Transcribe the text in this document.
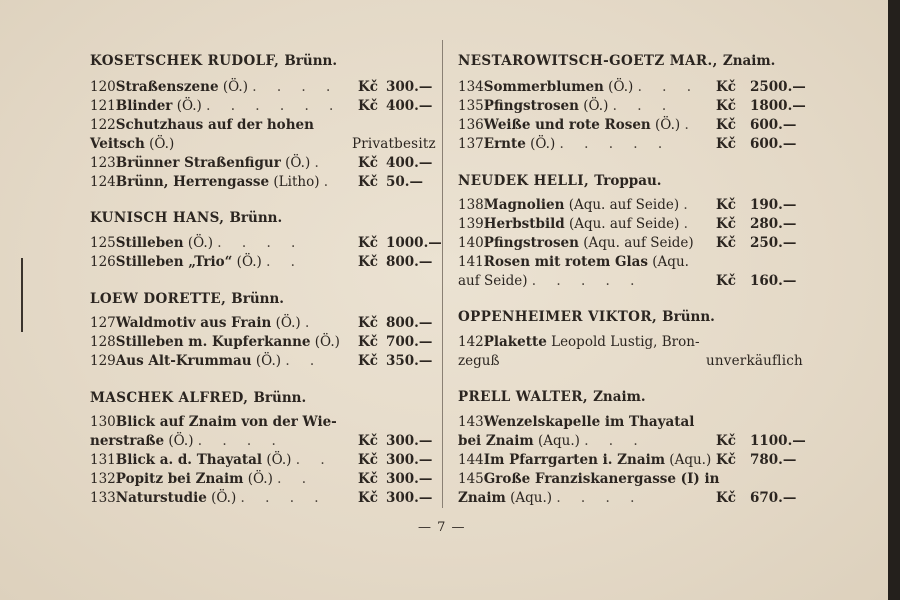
KOSETSCHEK RUDOLF, Brünn.
120Straßenszene (Ö.) . . . . Kč 300.—
121Blinder (Ö.) . . . . . . Kč 400.—
122Schutzhaus auf der hohen
Veitsch (Ö.)	Privatbesitz
123Brünner Straßenfigur (Ö.) . Kč 400.—
124Brünn, Herrengasse (Litho) . Kč 50.—
KUNISCH HANS, Brünn.
125Stilleben (Ö.) . . . .	Kč 1000.—
126Stilleben „Trio“ (Ö.) . .	Kč 800.—
LOEW DORETTE, Brünn.
127Waldmotiv aus Frain (Ö.) .	Kč 800.—
128Stilleben m. Kupferkanne (Ö.) Kč 700.—
129Aus Alt-Krummau (Ö.) . .	Kč 350.—
MASCHEK ALFRED, Brünn.
130Blick auf Znaim von der Wie-
nerstraße (Ö.) . . . .	Kč 300.—
131Blick a. d. Thayatal (Ö.) . . Kč 300.—
132Popitz bei Znaim (Ö.) . .	Kč 300.—
133Naturstudie (Ö.) . . . . Kč 300.—
NESTAROWITSCH-GOETZ MAR., Znaim.
134Sommerblumen (Ö.) . . . Kč 2500.—
135Pfingstrosen (Ö.) . . .	Kč 1800.—
136Weiße und rote Rosen (Ö.) . Kč 600.—
137Ernte (Ö.) . . . . .	Kč 600.—
NEUDEK HELLI, Troppau.
138Magnolien (Aqu. auf Seide) . Kč 190.—
139Herbstbild (Aqu. auf Seide) . Kč 280.—
140Pfingstrosen (Aqu. auf Seide) Kč 250.—
141Rosen mit rotem Glas (Aqu.
auf Seide) . . . . .	Kč 160.—
OPPENHEIMER VIKTOR, Brünn.
142Plakette Leopold Lustig, Bron-
zeguß	unverkäuflich
PRELL WALTER, Znaim.
143Wenzelskapelle im Thayatal
bei Znaim (Aqu.) . . .	Kč 1100.—
144Im Pfarrgarten i. Znaim (Aqu.) Kč 780.—
145Große Franziskanergasse (I) in
Znaim (Aqu.) . . . .	Kč 670.—
— 7 —
